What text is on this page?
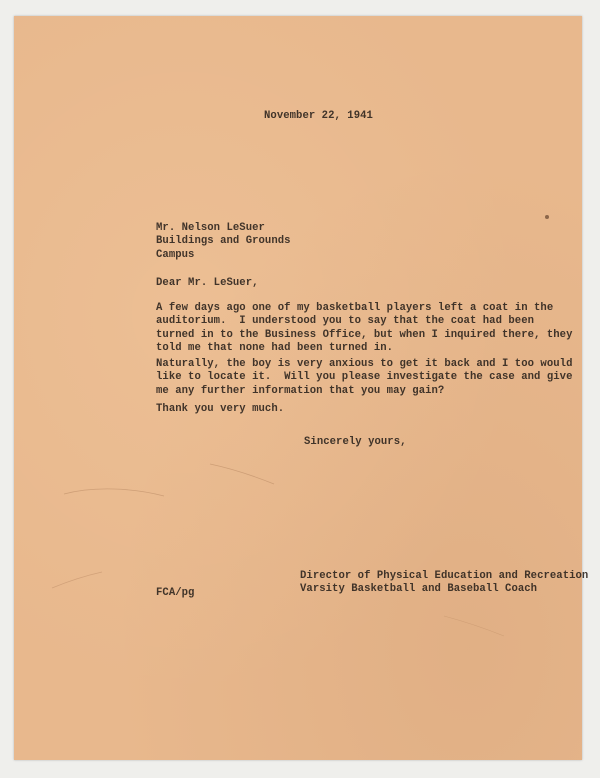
November 22, 1941
Mr. Nelson LeSuer
Buildings and Grounds
Campus
Dear Mr. LeSuer,
A few days ago one of my basketball players left a coat in the
auditorium.  I understood you to say that the coat had been
turned in to the Business Office, but when I inquired there, they
told me that none had been turned in.
Naturally, the boy is very anxious to get it back and I too would
like to locate it.  Will you please investigate the case and give
me any further information that you may gain?
Thank you very much.
Sincerely yours,
Director of Physical Education and Recreation
Varsity Basketball and Baseball Coach
FCA/pg
